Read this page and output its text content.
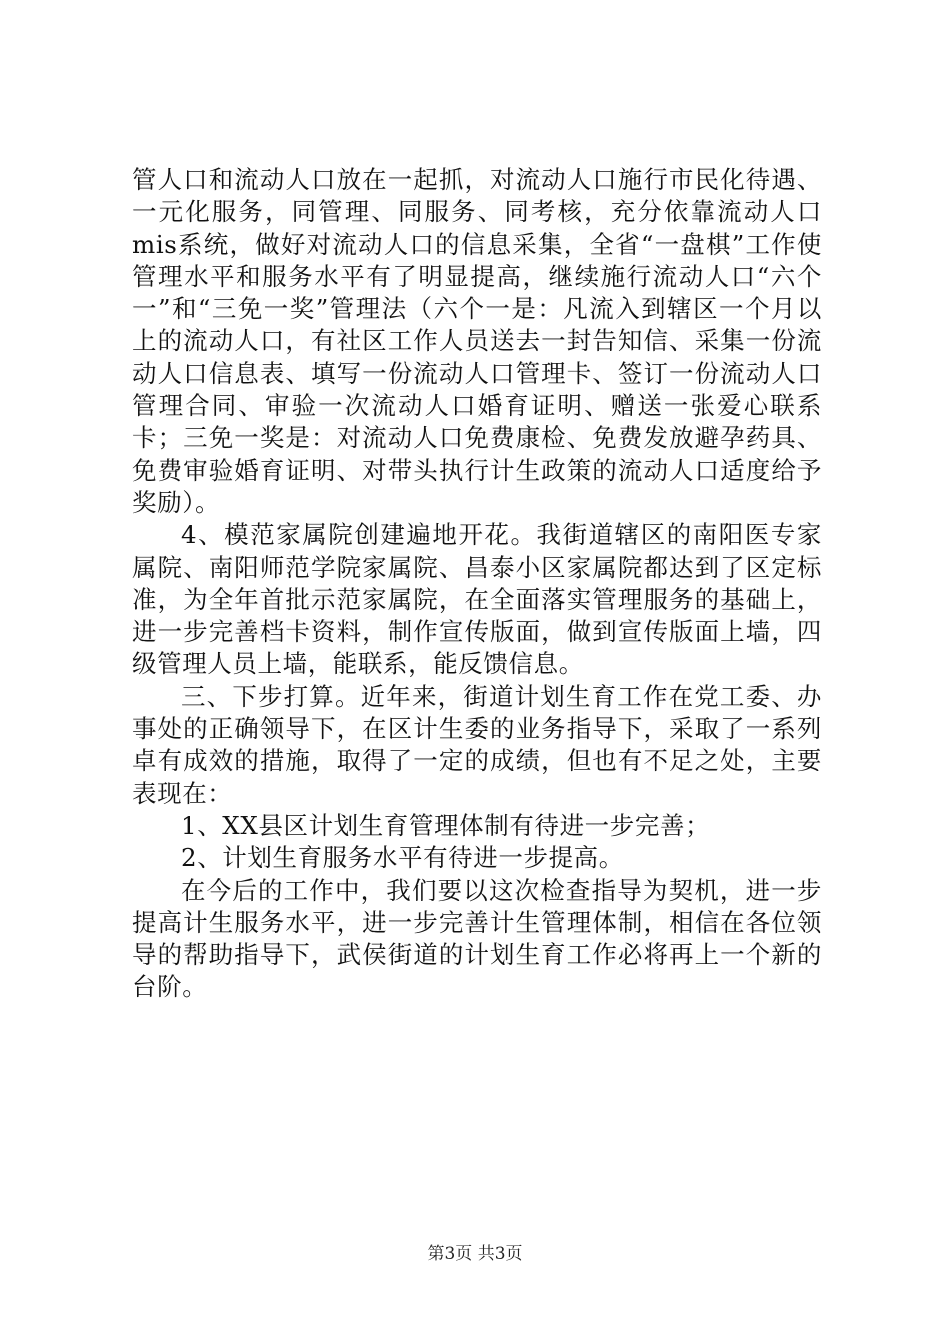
管人口和流动人口放在一起抓，对流动人口施行市民化待遇、一元化服务，同管理、同服务、同考核，充分依靠流动人口mis系统，做好对流动人口的信息采集，全省“一盘棋”工作使管理水平和服务水平有了明显提高，继续施行流动人口“六个一”和“三免一奖”管理法（六个一是：凡流入到辖区一个月以上的流动人口，有社区工作人员送去一封告知信、采集一份流动人口信息表、填写一份流动人口管理卡、签订一份流动人口管理合同、审验一次流动人口婚育证明、赠送一张爱心联系卡；三免一奖是：对流动人口免费康检、免费发放避孕药具、免费审验婚育证明、对带头执行计生政策的流动人口适度给予奖励）。

4、模范家属院创建遍地开花。我街道辖区的南阳医专家属院、南阳师范学院家属院、昌泰小区家属院都达到了区定标准，为全年首批示范家属院，在全面落实管理服务的基础上，进一步完善档卡资料，制作宣传版面，做到宣传版面上墙，四级管理人员上墙，能联系，能反馈信息。

三、下步打算。近年来，街道计划生育工作在党工委、办事处的正确领导下，在区计生委的业务指导下，采取了一系列卓有成效的措施，取得了一定的成绩，但也有不足之处，主要表现在：

1、XX县区计划生育管理体制有待进一步完善；

2、计划生育服务水平有待进一步提高。

在今后的工作中，我们要以这次检查指导为契机，进一步提高计生服务水平，进一步完善计生管理体制，相信在各位领导的帮助指导下，武侯街道的计划生育工作必将再上一个新的台阶。

第3页 共3页
